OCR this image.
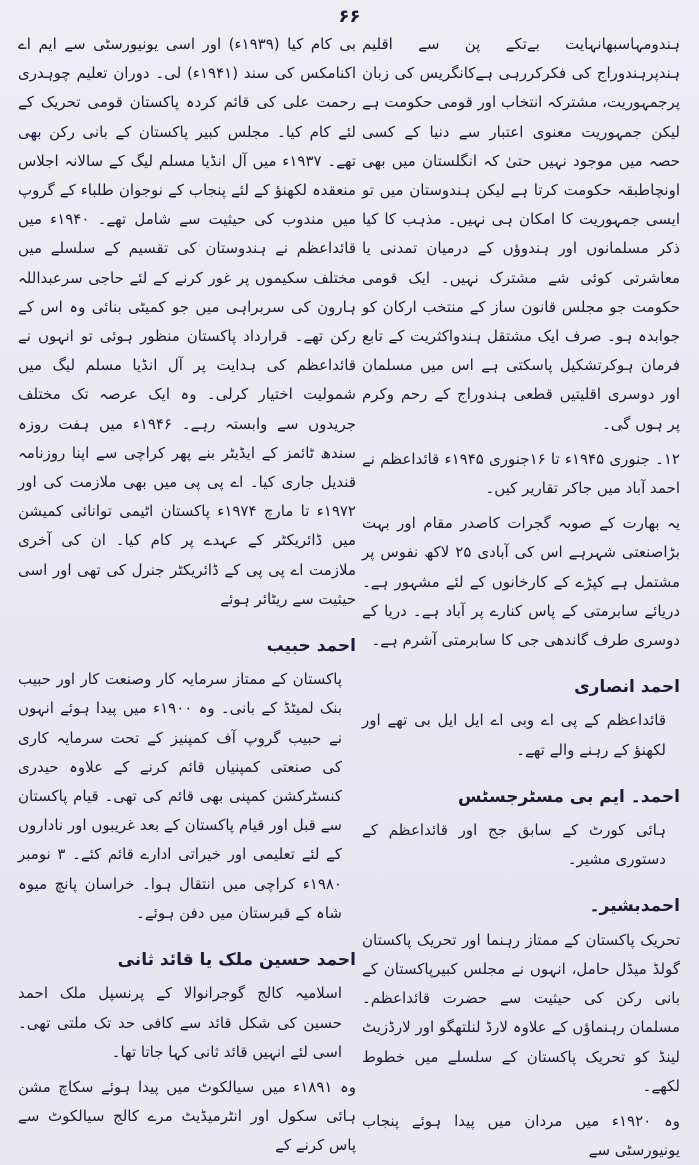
۶۶

ہندومہاسبھانہایت بےتکے پن سے اقلیم ہندپرہندوراج کی فکرکررہی ہےکانگریس کی زبان پرجمہوریت، مشترکہ انتخاب اور قومی حکومت ہے لیکن جمہوریت معنوی اعتبار سے دنیا کے کسی حصہ میں موجود نہیں حتیٰ کہ انگلستان میں بھی اونچاطبقہ حکومت کرتا ہے لیکن ہندوستان میں تو ایسی جمہوریت کا امکان ہی نہیں۔ مذہب کا کیا ذکر مسلمانوں اور ہندوؤں کے درمیان تمدنی یا معاشرتی کوئی شے مشترک نہیں۔ ایک قومی حکومت جو مجلس قانون ساز کے منتخب ارکان کو جوابدہ ہو۔ صرف ایک مشتقل ہندواکثریت کے تابع فرمان ہوکرتشکیل پاسکتی ہے اس میں مسلمان اور دوسری اقلیتیں قطعی ہندوراج کے رحم وکرم پر ہوں گی۔

۱۲۔ جنوری ۱۹۴۵ء تا ۱۶جنوری ۱۹۴۵ء قائداعظم نے احمد آباد میں جاکر تقاریر کیں۔

یہ بھارت کے صوبہ گجرات کاصدر مقام اور بہت بڑاصنعتی شہرہے اس کی آبادی ۲۵ لاکھ نفوس پر مشتمل ہے کپڑے کے کارخانوں کے لئے مشہور ہے۔ دریائے سابرمتی کے پاس کنارے پر آباد ہے۔ دریا کے دوسری طرف گاندھی جی کا سابرمتی آشرم ہے۔

احمد انصاری

قائداعظم کے پی اے وبی اے ایل ایل بی تھے اور لکھنؤ کے رہنے والے تھے۔

احمد۔ ایم بی مسٹرجسٹس

ہائی کورٹ کے سابق جج اور قائداعظم کے دستوری مشیر۔

احمدبشیر۔

تحریک پاکستان کے ممتاز رہنما اور تحریک پاکستان گولڈ میڈل حامل، انہوں نے مجلس کبیرپاکستان کے بانی رکن کی حیثیت سے حضرت قائداعظم۔ مسلمان رہنماؤں کے علاوہ لارڈ لنلتھگو اور لارڈزیٹ لینڈ کو تحریک پاکستان کے سلسلے میں خطوط لکھے۔

وہ ۱۹۲۰ء میں مردان میں پیدا ہوئے پنجاب یونیورسٹی سے

بی کام کیا (۱۹۳۹ء) اور اسی یونیورسٹی سے ایم اے اکنامکس کی سند (۱۹۴۱ء) لی۔ دوران تعلیم چوہدری رحمت علی کی قائم کردہ پاکستان قومی تحریک کے لئے کام کیا۔ مجلس کبیر پاکستان کے بانی رکن بھی تھے۔ ۱۹۳۷ء میں آل انڈیا مسلم لیگ کے سالانہ اجلاس منعقدہ لکھنؤ کے لئے پنجاب کے نوجوان طلباء کے گروپ میں مندوب کی حیثیت سے شامل تھے۔ ۱۹۴۰ء میں قائداعظم نے ہندوستان کی تقسیم کے سلسلے میں مختلف سکیموں پر غور کرنے کے لئے حاجی سرعبداللہ ہارون کی سربراہی میں جو کمیٹی بنائی وہ اس کے رکن تھے۔ قرارداد پاکستان منظور ہوئی تو انہوں نے قائداعظم کی ہدایت پر آل انڈیا مسلم لیگ میں شمولیت اختیار کرلی۔ وہ ایک عرصہ تک مختلف جریدوں سے وابستہ رہے۔ ۱۹۴۶ء میں ہفت روزہ سندھ ٹائمز کے ایڈیٹر بنے پھر کراچی سے اپنا روزنامہ قندیل جاری کیا۔ اے پی پی میں بھی ملازمت کی اور ۱۹۷۲ء تا مارچ ۱۹۷۴ء پاکستان اٹیمی توانائی کمیشن میں ڈائریکٹر کے عہدے پر کام کیا۔ ان کی آخری ملازمت اے پی پی کے ڈائریکٹر جنرل کی تھی اور اسی حیثیت سے ریٹائر ہوئے

احمد حبیب

پاکستان کے ممتاز سرمایہ کار وصنعت کار اور حبیب بنک لمیٹڈ کے بانی۔ وہ ۱۹۰۰ء میں پیدا ہوئے انہوں نے حبیب گروپ آف کمپنیز کے تحت سرمایہ کاری کی صنعتی کمپنیاں قائم کرنے کے علاوہ حیدری کنسٹرکشن کمپنی بھی قائم کی تھی۔ قیام پاکستان سے قبل اور قیام پاکستان کے بعد غریبوں اور ناداروں کے لئے تعلیمی اور خیراتی ادارے قائم کئے۔ ۳ نومبر ۱۹۸۰ء کراچی میں انتقال ہوا۔ خراسان پانچ میوہ شاہ کے قبرستان میں دفن ہوئے۔

احمد حسین ملک یا قائد ثانی

اسلامیہ کالج گوجرانوالا کے پرنسپل ملک احمد حسین کی شکل قائد سے کافی حد تک ملتی تھی۔ اسی لئے انہیں قائد ثانی کہا جاتا تھا۔

وہ ۱۸۹۱ء میں سیالکوٹ میں پیدا ہوئے سکاچ مشن ہائی سکول اور انٹرمیڈیٹ مرے کالج سیالکوٹ سے پاس کرنے کے
